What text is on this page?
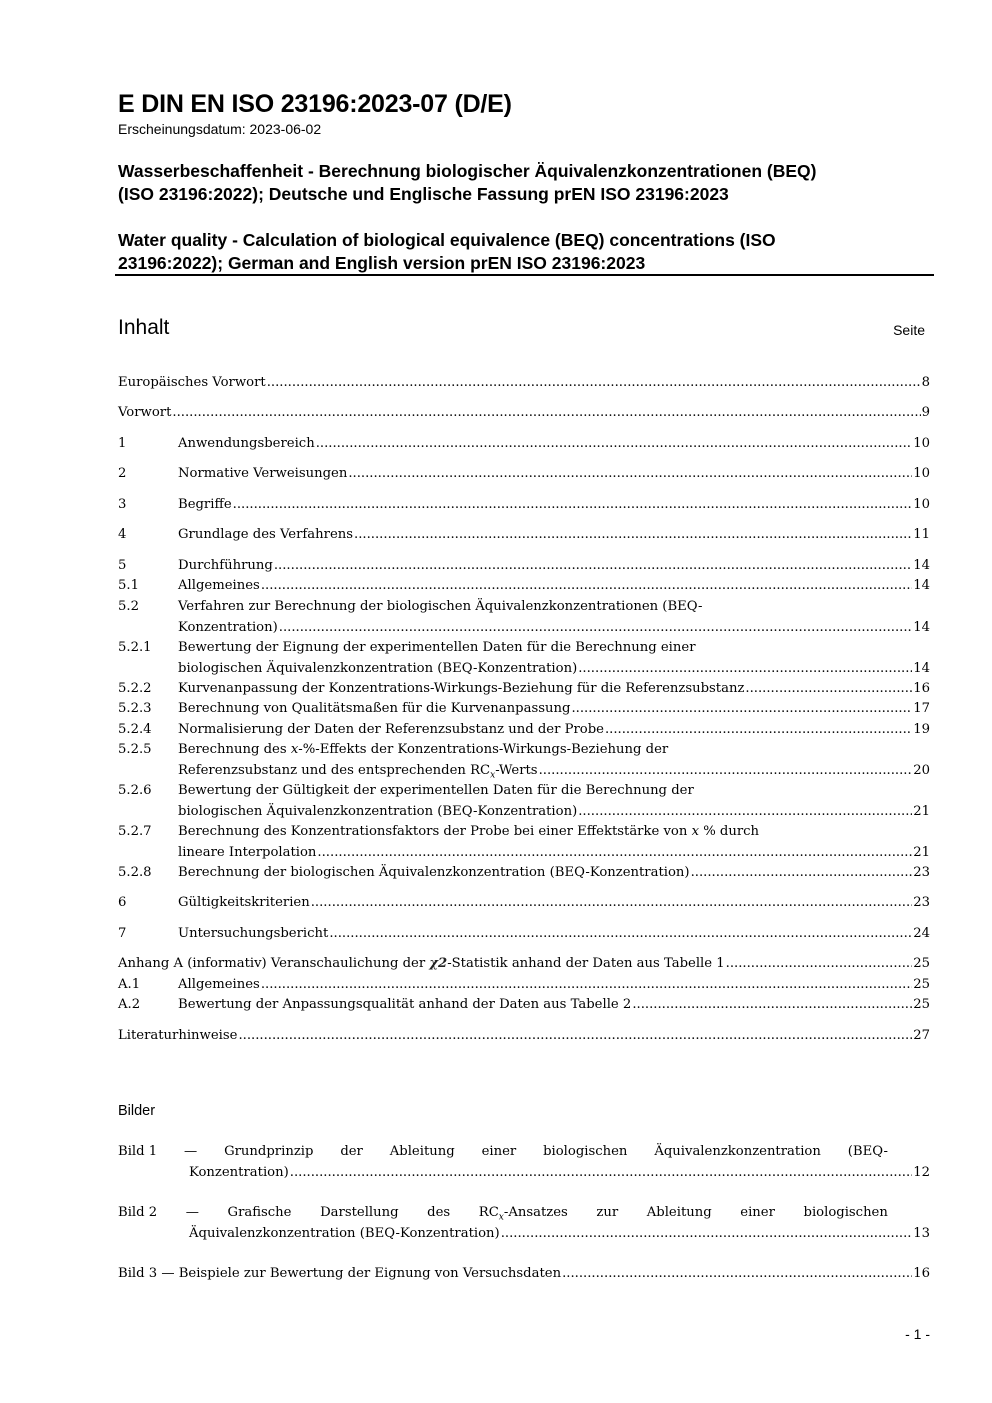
E DIN EN ISO 23196:2023-07 (D/E)
Erscheinungsdatum: 2023-06-02
Wasserbeschaffenheit - Berechnung biologischer Äquivalenzkonzentrationen (BEQ)
(ISO 23196:2022); Deutsche und Englische Fassung prEN ISO 23196:2023
Water quality - Calculation of biological equivalence (BEQ) concentrations (ISO
23196:2022); German and English version prEN ISO 23196:2023
Inhalt	Seite
Europäisches Vorwort .....	8
Vorwort .....	9
1	Anwendungsbereich .....	10
2	Normative Verweisungen .....	10
3	Begriffe .....	10
4	Grundlage des Verfahrens .....	11
5	Durchführung .....	14
5.1	Allgemeines .....	14
5.2	Verfahren zur Berechnung der biologischen Äquivalenzkonzentrationen (BEQ-
Konzentration) .....	14
5.2.1	Bewertung der Eignung der experimentellen Daten für die Berechnung einer
biologischen Äquivalenzkonzentration (BEQ-Konzentration) .....	14
5.2.2	Kurvenanpassung der Konzentrations-Wirkungs-Beziehung für die Referenzsubstanz .....	16
5.2.3	Berechnung von Qualitätsmaßen für die Kurvenanpassung .....	17
5.2.4	Normalisierung der Daten der Referenzsubstanz und der Probe .....	19
5.2.5	Berechnung des x-%-Effekts der Konzentrations-Wirkungs-Beziehung der
Referenzsubstanz und des entsprechenden $RC_x$-Werts .....	20
5.2.6	Bewertung der Gültigkeit der experimentellen Daten für die Berechnung der
biologischen Äquivalenzkonzentration (BEQ-Konzentration) .....	21
5.2.7	Berechnung des Konzentrationsfaktors der Probe bei einer Effektstärke von x % durch
lineare Interpolation .....	21
5.2.8	Berechnung der biologischen Äquivalenzkonzentration (BEQ-Konzentration) .....	23
6	Gültigkeitskriterien .....	23
7	Untersuchungsbericht .....	24
Anhang A (informativ) Veranschaulichung der χ2-Statistik anhand der Daten aus Tabelle 1 .....	25
A.1	Allgemeines .....	25
A.2	Bewertung der Anpassungsqualität anhand der Daten aus Tabelle 2 .....	25
Literaturhinweise .....	27
Bilder
Bild 1 — Grundprinzip der Ableitung einer biologischen Äquivalenzkonzentration (BEQ-
Konzentration) .....	12
Bild 2 — Grafische Darstellung des $RC_x$-Ansatzes zur Ableitung einer biologischen
Äquivalenzkonzentration (BEQ-Konzentration) .....	13
Bild 3 — Beispiele zur Bewertung der Eignung von Versuchsdaten .....	16
- 1 -
